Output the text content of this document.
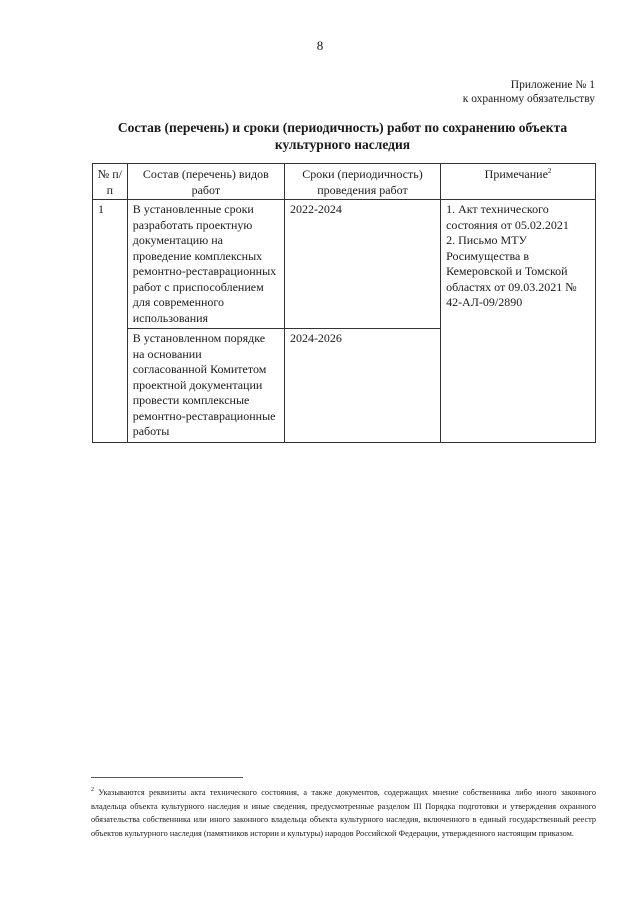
8
Приложение № 1
к охранному обязательству
Состав (перечень) и сроки (периодичность) работ по сохранению объекта культурного наследия
№ п/п	Состав (перечень) видов работ	Сроки (периодичность) проведения работ	Примечание$^2$
1	В установленные сроки разработать проектную документацию на проведение комплексных ремонтно-реставрационных работ с приспособлением для современного использования	2022-2024	1. Акт технического состояния от 05.02.2021
2. Письмо МТУ Росимущества в Кемеровской и Томской областях от 09.03.2021 № 42-АЛ-09/2890

	В установленном порядке на основании согласованной Комитетом проектной документации провести комплексные ремонтно-реставрационные работы	2024-2026	
$^2$ Указываются реквизиты акта технического состояния, а также документов, содержащих мнение собственника либо иного законного владельца объекта культурного наследия и иные сведения, предусмотренные разделом III Порядка подготовки и утверждения охранного обязательства собственника или иного законного владельца объекта культурного наследия, включенного в единый государственный реестр объектов культурного наследия (памятников истории и культуры) народов Российской Федерации, утвержденного настоящим приказом.
